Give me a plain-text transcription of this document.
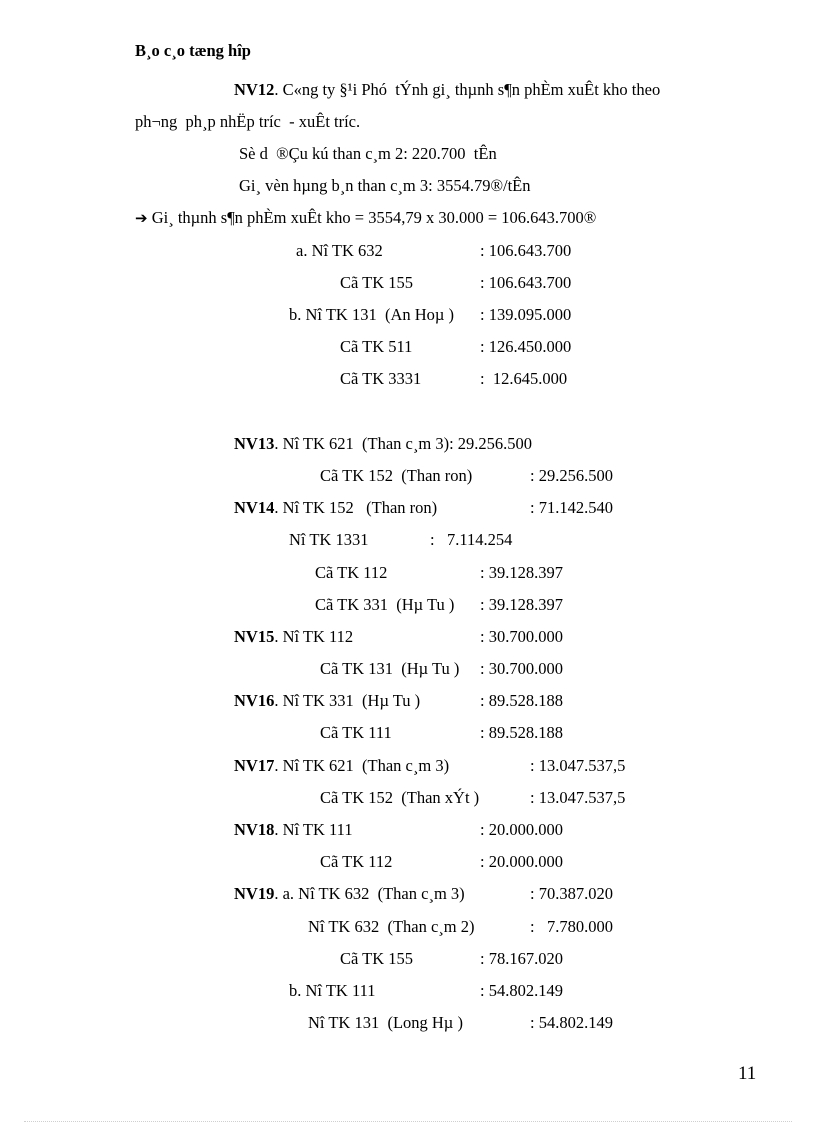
B¸o c¸o tæng hîp
NV12. C«ng ty §¹i Phó  tÝnh gi¸ thµnh s¶n phÈm xuÊt kho theo
ph¬ng  ph¸p nhËp tríc  - xuÊt tríc.
Sè d  ®Çu kú than c¸m 2: 220.700  tÊn
Gi¸ vèn hµng b¸n than c¸m 3: 3554.79®/tÊn
➔ Gi¸ thµnh s¶n phÈm xuÊt kho = 3554,79 x 30.000 = 106.643.700®
a. Nî TK 632	: 106.643.700
Cã TK 155	: 106.643.700
b. Nî TK 131  (An Hoµ ) : 139.095.000
Cã TK 511	: 126.450.000
Cã TK 3331	:  12.645.000
NV13. Nî TK 621  (Than c¸m 3): 29.256.500
Cã TK 152  (Than ron)	: 29.256.500
NV14. Nî TK 152   (Than ron)	: 71.142.540
Nî TK 1331	:   7.114.254
Cã TK 112	: 39.128.397
Cã TK 331  (Hµ Tu ) : 39.128.397
NV15. Nî TK 112	: 30.700.000
Cã TK 131  (Hµ Tu ) : 30.700.000
NV16. Nî TK 331  (Hµ Tu )	: 89.528.188
Cã TK 111	: 89.528.188
NV17. Nî TK 621  (Than c¸m 3)	: 13.047.537,5
Cã TK 152  (Than xÝt )	: 13.047.537,5
NV18. Nî TK 111	: 20.000.000
Cã TK 112	: 20.000.000
NV19. a. Nî TK 632  (Than c¸m 3)	: 70.387.020
Nî TK 632  (Than c¸m 2)	:   7.780.000
Cã TK 155	: 78.167.020
b. Nî TK 111	: 54.802.149
Nî TK 131  (Long Hµ )	: 54.802.149
11
